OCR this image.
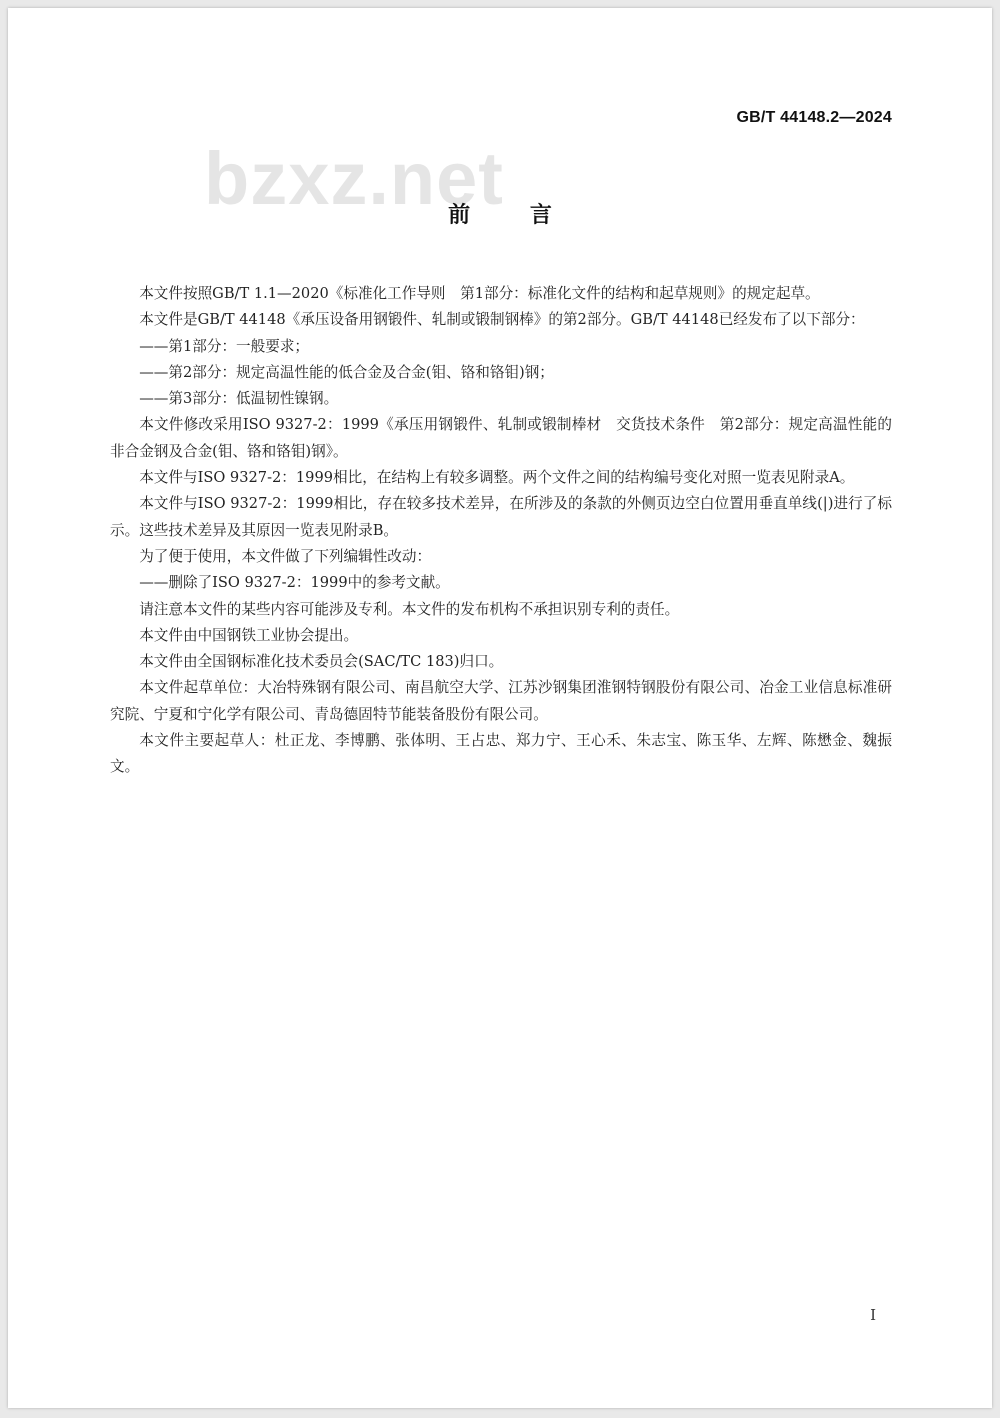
GB/T 44148.2—2024
bzxz.net
前 言

本文件按照GB/T 1.1—2020《标准化工作导则　第1部分：标准化文件的结构和起草规则》的规定起草。

本文件是GB/T 44148《承压设备用钢锻件、轧制或锻制钢棒》的第2部分。GB/T 44148已经发布了以下部分：

——第1部分：一般要求；

——第2部分：规定高温性能的低合金及合金(钼、铬和铬钼)钢；

——第3部分：低温韧性镍钢。

本文件修改采用ISO 9327-2：1999《承压用钢锻件、轧制或锻制棒材　交货技术条件　第2部分：规定高温性能的非合金钢及合金(钼、铬和铬钼)钢》。

本文件与ISO 9327-2：1999相比，在结构上有较多调整。两个文件之间的结构编号变化对照一览表见附录A。

本文件与ISO 9327-2：1999相比，存在较多技术差异，在所涉及的条款的外侧页边空白位置用垂直单线(|)进行了标示。这些技术差异及其原因一览表见附录B。

为了便于使用，本文件做了下列编辑性改动：

——删除了ISO 9327-2：1999中的参考文献。

请注意本文件的某些内容可能涉及专利。本文件的发布机构不承担识别专利的责任。

本文件由中国钢铁工业协会提出。

本文件由全国钢标准化技术委员会(SAC/TC 183)归口。

本文件起草单位：大冶特殊钢有限公司、南昌航空大学、江苏沙钢集团淮钢特钢股份有限公司、冶金工业信息标准研究院、宁夏和宁化学有限公司、青岛德固特节能装备股份有限公司。

本文件主要起草人：杜正龙、李博鹏、张体明、王占忠、郑力宁、王心禾、朱志宝、陈玉华、左辉、陈懋金、魏振文。

I
